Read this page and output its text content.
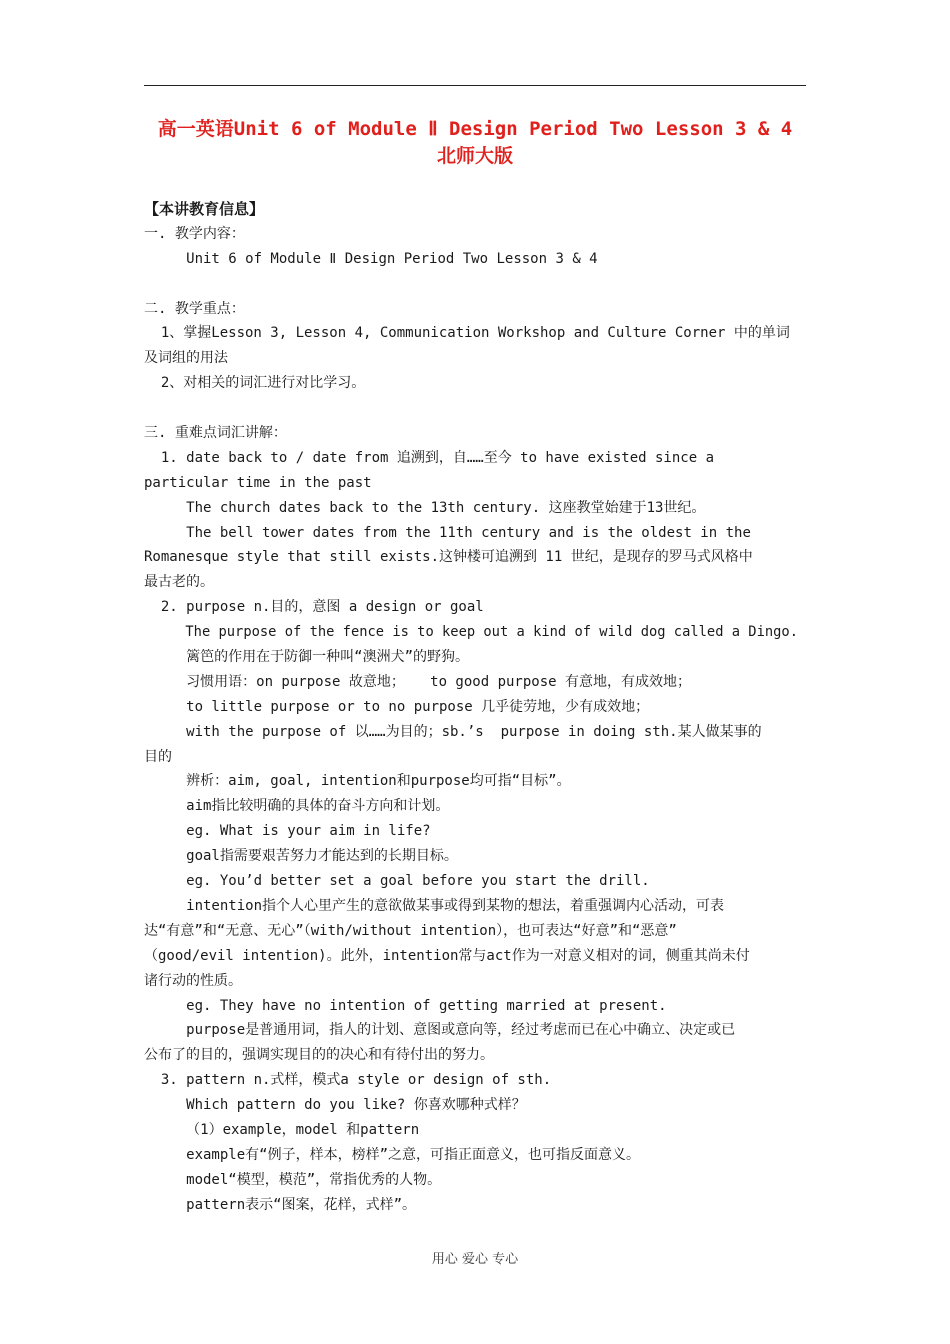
高一英语Unit 6 of Module Ⅱ Design Period Two Lesson 3 & 4
北师大版
【本讲教育信息】
一. 教学内容：
Unit 6 of Module Ⅱ Design Period Two Lesson 3 & 4
二. 教学重点：
1、掌握Lesson 3, Lesson 4, Communication Workshop and Culture Corner 中的单词
及词组的用法
2、对相关的词汇进行对比学习。
三. 重难点词汇讲解：
1. date back to / date from 追溯到，自……至今 to have existed since a
particular time in the past
The church dates back to the 13th century. 这座教堂始建于13世纪。
The bell tower dates from the 11th century and is the oldest in the
Romanesque style that still exists.这钟楼可追溯到 11 世纪，是现存的罗马式风格中
最古老的。
2. purpose n.目的，意图 a design or goal
The purpose of the fence is to keep out a kind of wild dog called a Dingo.
篱笆的作用在于防御一种叫“澳洲犬”的野狗。
习惯用语：on purpose 故意地；   to good purpose 有意地，有成效地；
to little purpose or to no purpose 几乎徒劳地，少有成效地；
with the purpose of 以……为目的；sb.’s  purpose in doing sth.某人做某事的
目的
辨析：aim, goal, intention和purpose均可指“目标”。
aim指比较明确的具体的奋斗方向和计划。
eg. What is your aim in life?
goal指需要艰苦努力才能达到的长期目标。
eg. You’d better set a goal before you start the drill.
intention指个人心里产生的意欲做某事或得到某物的想法，着重强调内心活动，可表
达“有意”和“无意、无心”（with/without intention），也可表达“好意”和“恶意”
（good/evil intention)。此外，intention常与act作为一对意义相对的词，侧重其尚未付
诸行动的性质。
eg. They have no intention of getting married at present.
purpose是普通用词，指人的计划、意图或意向等，经过考虑而已在心中确立、决定或已
公布了的目的，强调实现目的的决心和有待付出的努力。
3. pattern n.式样，模式a style or design of sth.
Which pattern do you like? 你喜欢哪种式样？
（1）example，model 和pattern
example有“例子，样本，榜样”之意，可指正面意义，也可指反面意义。
model“模型，模范”，常指优秀的人物。
pattern表示“图案，花样，式样”。
用心 爱心 专心
